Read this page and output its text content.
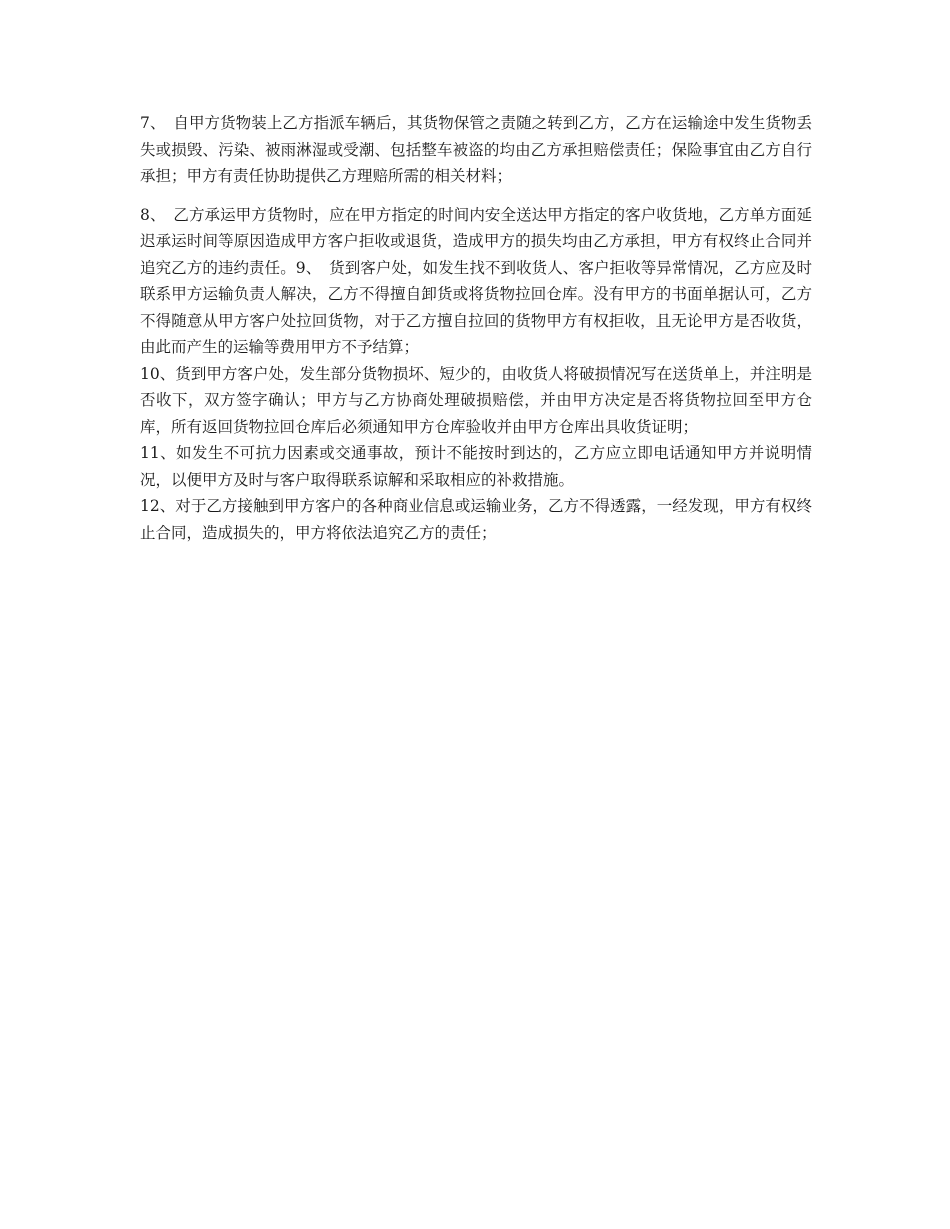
7、　自甲方货物装上乙方指派车辆后，其货物保管之责随之转到乙方，乙方在运输途中发生货物丢失或损毁、污染、被雨淋湿或受潮、包括整车被盗的均由乙方承担赔偿责任；保险事宜由乙方自行承担；甲方有责任协助提供乙方理赔所需的相关材料；

8、　乙方承运甲方货物时，应在甲方指定的时间内安全送达甲方指定的客户收货地，乙方单方面延迟承运时间等原因造成甲方客户拒收或退货，造成甲方的损失均由乙方承担，甲方有权终止合同并追究乙方的违约责任。9、　货到客户处，如发生找不到收货人、客户拒收等异常情况，乙方应及时联系甲方运输负责人解决，乙方不得擅自卸货或将货物拉回仓库。没有甲方的书面单据认可，乙方不得随意从甲方客户处拉回货物，对于乙方擅自拉回的货物甲方有权拒收，且无论甲方是否收货，由此而产生的运输等费用甲方不予结算；

10、货到甲方客户处，发生部分货物损坏、短少的，由收货人将破损情况写在送货单上，并注明是否收下，双方签字确认；甲方与乙方协商处理破损赔偿，并由甲方决定是否将货物拉回至甲方仓库，所有返回货物拉回仓库后必须通知甲方仓库验收并由甲方仓库出具收货证明；

11、如发生不可抗力因素或交通事故，预计不能按时到达的，乙方应立即电话通知甲方并说明情况，以便甲方及时与客户取得联系谅解和采取相应的补救措施。

12、对于乙方接触到甲方客户的各种商业信息或运输业务，乙方不得透露，一经发现，甲方有权终止合同，造成损失的，甲方将依法追究乙方的责任；
